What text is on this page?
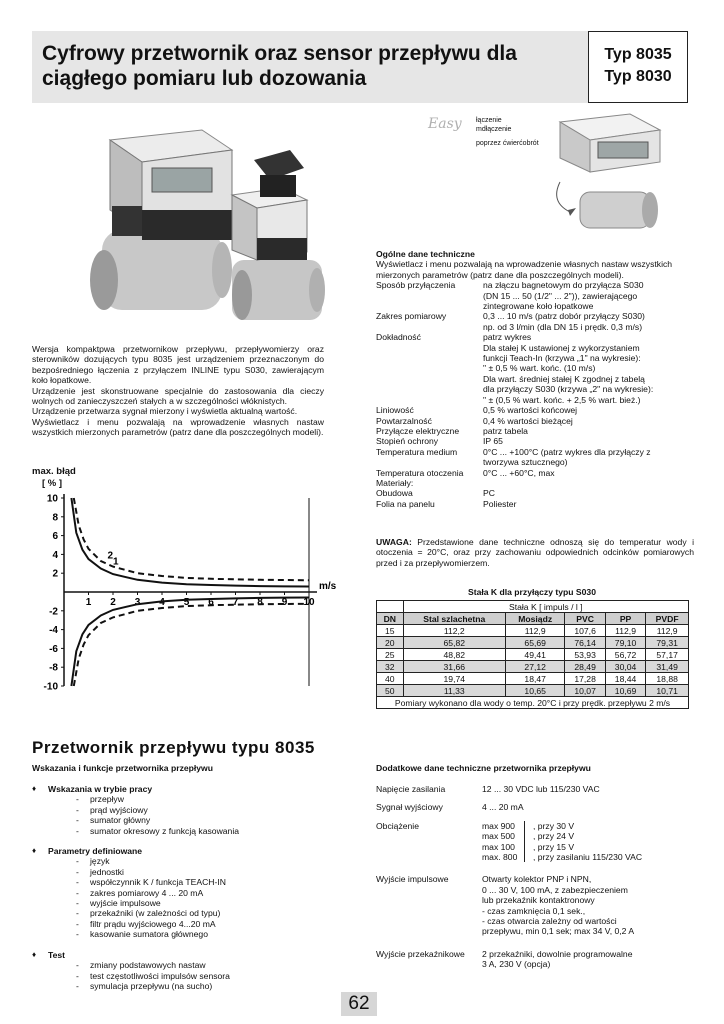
Cyfrowy przetwornik oraz sensor przepływu dla
ciągłego pomiaru lub dozowania
Typ 8035
Typ 8030
Easy łączenie
mdłączenie
poprzez ćwierćobrót

Wersja kompaktpwa przetwornikow przepływu, przepływomierzy oraz sterowników dozujących typu 8035 jest urządzeniem przeznaczonym do bezpośredniego łączenia z przyłączem INLINE typu S030, zawierającym koło łopatkowe.

Urządzenie jest skonstruowane specjalnie do zastosowania dla cieczy wolnych od zanieczyszczeń stałych a w szczególności włóknistych.

Urządzenie przetwarza sygnał mierzony i wyświetla aktualną wartość.

Wyświetlacz i menu pozwalają na wprowadzenie własnych nastaw wszystkich mierzonych parametrów (patrz dane dla poszczególnych modeli).

max. błąd
[ % ]
10
8
6
4
2
-2
-4
-6
-8
-10
1 2 3 4 5 6 7 8 9 10
m/s
1
2
Ogólne dane techniczne
Wyświetlacz i menu pozwalają na wprowadzenie własnych nastaw wszystkich mierzonych parametrów (patrz dane dla poszczególnych modeli).
Sposób przyłączenia	na złączu bagnetowym do przyłącza S030
(DN 15 ... 50 (1/2" ... 2")), zawierającego
zintegrowane koło łopatkowe
Zakres pomiarowy	0,3 ... 10 m/s (patrz dobór przyłączy S030)
np. od 3 l/min (dla DN 15 i prędk. 0,3 m/s)
Dokładność	patrz wykres
Dla stałej K ustawionej z wykorzystaniem
funkcji Teach-In (krzywa „1" na wykresie):
" ± 0,5 % wart. końc. (10 m/s)
Dla wart. średniej stałej K zgodnej z tabelą
dla przyłączy S030 (krzywa „2" na wykresie):
" ± (0,5 % wart. końc. + 2,5 % wart. bież.)
Liniowość	0,5 % wartości końcowej
Powtarzalność	0,4 % wartości bieżącej
Przyłącze elektryczne	patrz tabela
Stopień ochrony	IP 65
Temperatura medium	0°C ... +100°C (patrz wykres dla przyłączy z
tworzywa sztucznego)
Temperatura otoczenia	0°C ... +60°C, max
Materiały:

Obudowa	PC
Folia na panelu	Poliester
UWAGA: Przedstawione dane techniczne odnoszą się do temperatur wody i otoczenia = 20°C, oraz przy zachowaniu odpowiednich odcinków pomiarowych przed i za przepływomierzem.
Stała K dla przyłączy typu S030
	Stała K [ impuls / l ]				
DN	Stal szlachetna	Mosiądz	PVC	PP	PVDF
15	112,2	112,9	107,6	112,9	112,9
20	65,82	65,69	76,14	79,10	79,31
25	48,82	49,41	53,93	56,72	57,17
32	31,66	27,12	28,49	30,04	31,49
40	19,74	18,47	17,28	18,44	18,88
50	11,33	10,65	10,07	10,69	10,71
Pomiary wykonano dla wody o temp. 20°C i przy prędk. przepływu 2 m/s					
Przetwornik przepływu typu 8035
Wskazania i funkcje przetwornika przepływu	Dodatkowe dane techniczne przetwornika przepływu
♦ Wskazania w trybie pracy
- przepływ
- prąd wyjściowy
- sumator główny
- sumator okresowy z funkcją kasowania
♦ Parametry definiowane
- język
- jednostki
- współczynnik K / funkcja TEACH-IN
- zakres pomiarowy 4 ... 20 mA
- wyjście impulsowe
- przekaźniki (w zależności od typu)
- filtr prądu wyjściowego 4...20 mA
- kasowanie sumatora głównego
♦ Test
- zmiany podstawowych nastaw
- test częstotliwości impulsów sensora
- symulacja przepływu (na sucho)
Napięcie zasilania	12 ... 30 VDC lub 115/230 VAC
Sygnał wyjściowy	4 ... 20 mA
Obciążenie	max 900	, przy 30 V
max 500	, przy 24 V
max 100	, przy 15 V
max. 800	, przy zasilaniu 115/230 VAC
Wyjście impulsowe	Otwarty kolektor PNP i NPN,
0 ... 30 V, 100 mA, z zabezpieczeniem
lub przekaźnik kontaktronowy
- czas zamknięcia 0,1 sek.,
- czas otwarcia zależny od wartości
przepływu, min 0,1 sek; max 34 V, 0,2 A
Wyjście przekaźnikowe	2 przekaźniki, dowolnie programowalne
3 A, 230 V (opcja)
62
